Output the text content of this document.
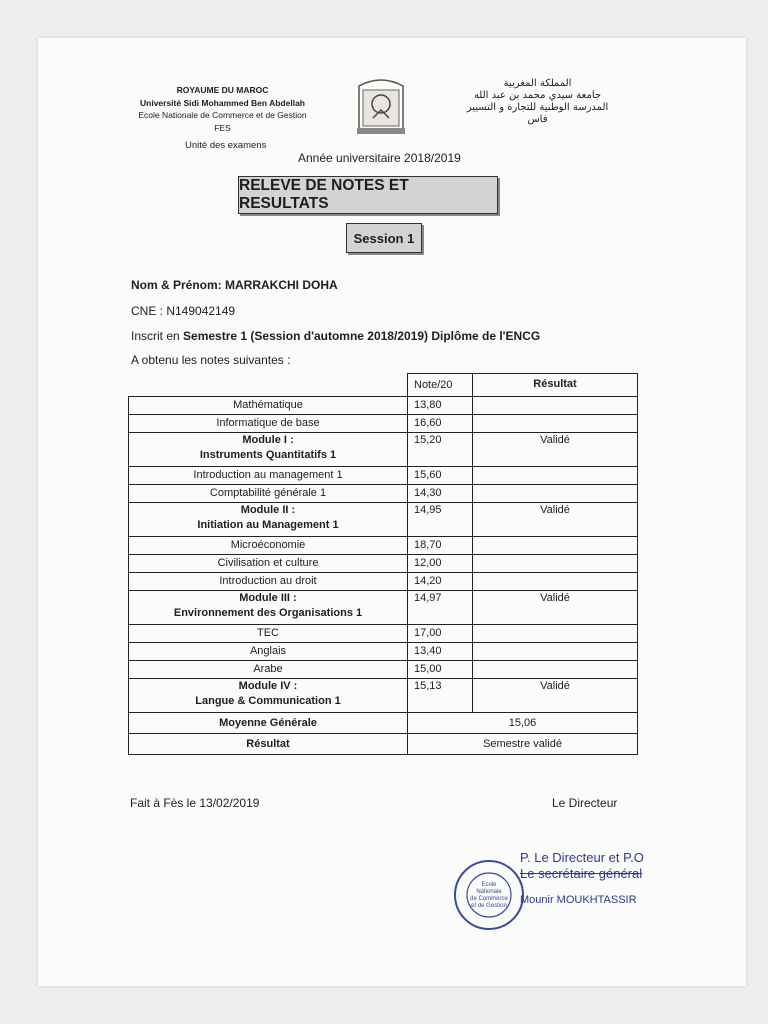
ROYAUME DU MAROC
Université Sidi Mohammed Ben Abdellah
Ecole Nationale de Commerce et de Gestion
FES
Unité des examens
المملكة المغربية
جامعة سيدي محمد بن عبد الله
المدرسة الوطنية للتجارة و التسيير
فاس
Année universitaire 2018/2019
RELEVE DE NOTES ET RESULTATS
Session 1
Nom & Prénom: MARRAKCHI DOHA
CNE : N149042149
Inscrit en Semestre 1 (Session d'automne 2018/2019) Diplôme de l'ENCG
A obtenu les notes suivantes :
	Note/20	Résultat
Mathématique	13,80	
Informatique de base	16,60	

Module I :
Instruments Quantitatifs 1	15,20	Validé
Introduction au management 1	15,60	
Comptabilité générale 1	14,30	

Module II :
Initiation au Management 1	14,95	Validé
Microéconomie	18,70	
Civilisation et culture	12,00	
Introduction au droit	14,20	

Module III :
Environnement des Organisations 1	14,97	Validé
TEC	17,00	
Anglais	13,40	
Arabe	15,00	

Module IV :
Langue & Communication 1	15,13	Validé
Moyenne Générale	15,06	
Résultat	Semestre validé	
Fait à Fès le 13/02/2019	Le Directeur
Ecole
Nationale
de Commerce
et de Gestion
P. Le Directeur et P.O
Le secrétaire général
Mounir MOUKHTASSIR
